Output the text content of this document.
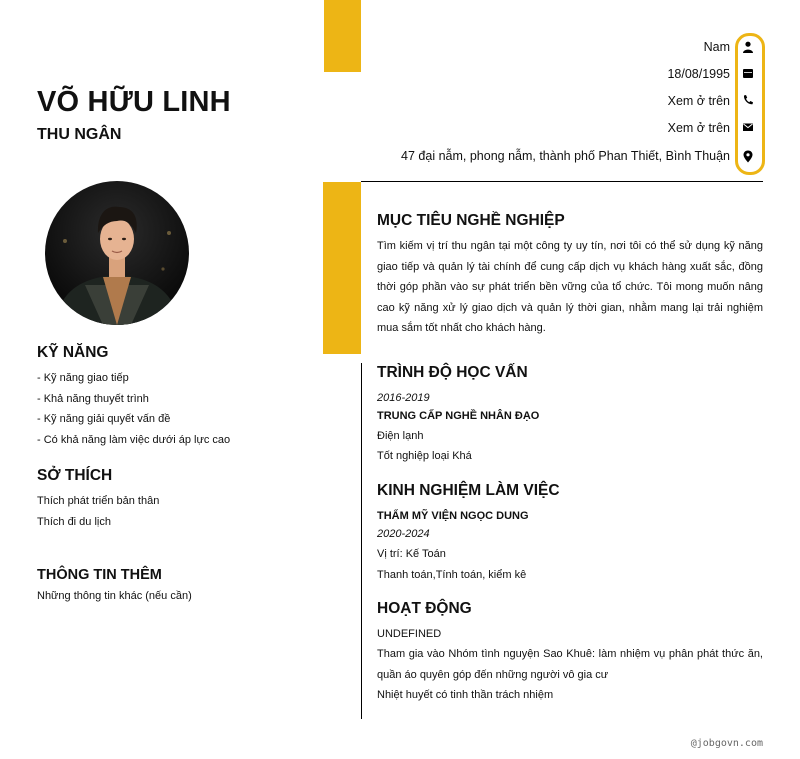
VÕ HỮU LINH
THU NGÂN
KỸ NĂNG
- Kỹ năng giao tiếp
- Khả năng thuyết trình
- Kỹ năng giải quyết vấn đề
- Có khả năng làm việc dưới áp lực cao
SỞ THÍCH
Thích phát triển bản thân
Thích đi du lịch
THÔNG TIN THÊM
Những thông tin khác (nếu cần)
Nam
18/08/1995
Xem ở trên
Xem ở trên
47 đại nẫm, phong nẫm, thành phố Phan Thiết, Bình Thuận
MỤC TIÊU NGHỀ NGHIỆP
Tìm kiếm vị trí thu ngân tại một công ty uy tín, nơi tôi có thể sử dụng kỹ năng giao tiếp và quản lý tài chính để cung cấp dịch vụ khách hàng xuất sắc, đồng thời góp phần vào sự phát triển bền vững của tổ chức. Tôi mong muốn nâng cao kỹ năng xử lý giao dịch và quản lý thời gian, nhằm mang lại trải nghiệm mua sắm tốt nhất cho khách hàng.
TRÌNH ĐỘ HỌC VẤN
2016-2019
TRUNG CẤP NGHỀ NHÂN ĐẠO
Điện lạnh
Tốt nghiệp loại Khá
KINH NGHIỆM LÀM VIỆC
THẨM MỸ VIỆN NGỌC DUNG
2020-2024
Vị trí: Kế Toán
Thanh toán,Tính toán, kiểm kê
HOẠT ĐỘNG
UNDEFINED
Tham gia vào Nhóm tình nguyện Sao Khuê: làm nhiệm vụ phân phát thức ăn, quần áo quyên góp đến những người vô gia cư
Nhiệt huyết có tinh thần trách nhiệm
@jobgovn.com
